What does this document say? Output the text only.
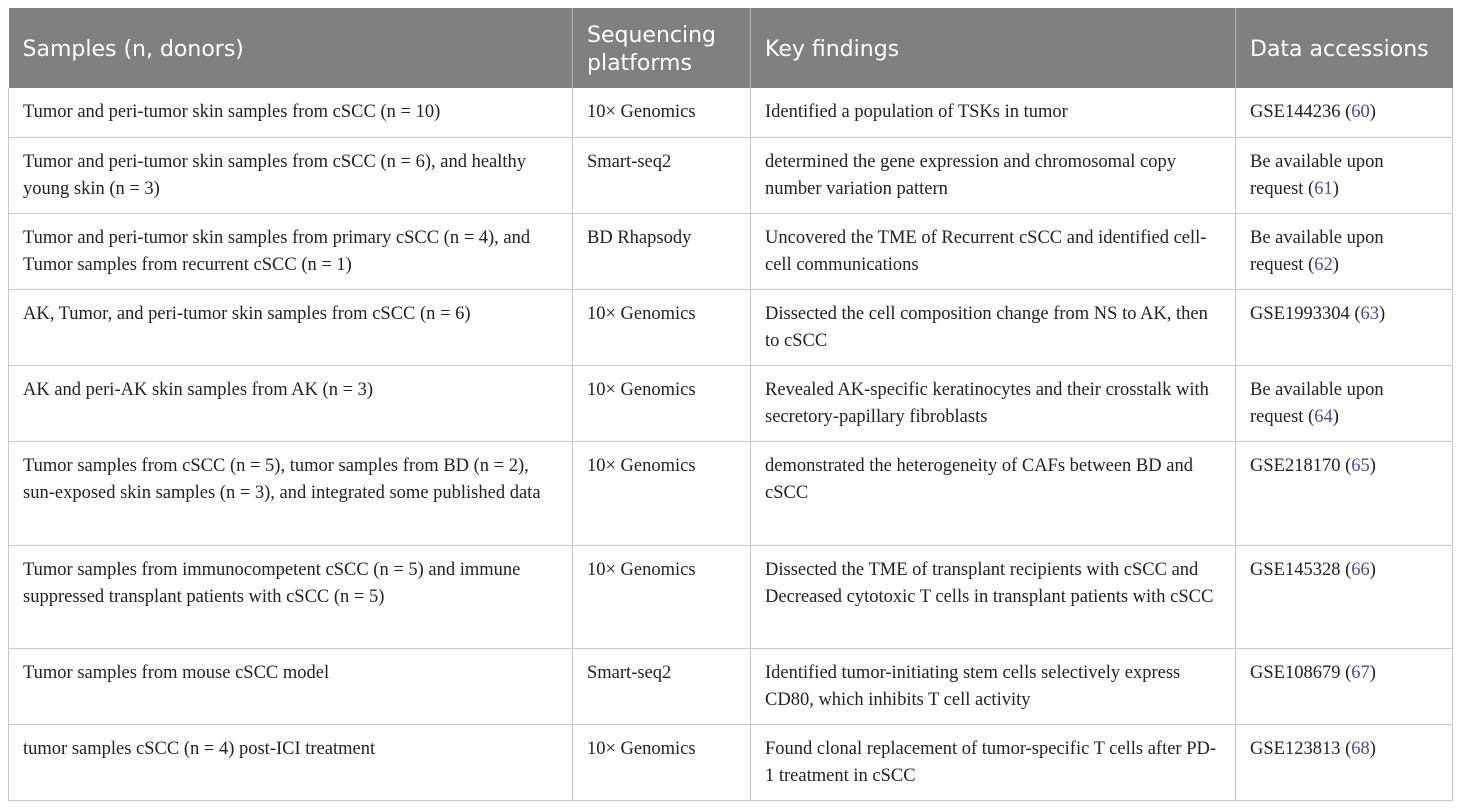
Samples (n, donors)	Sequencing platforms	Key findings	Data accessions
Tumor and peri-tumor skin samples from cSCC (n = 10)	10× Genomics	Identified a population of TSKs in tumor	GSE144236 (60)
Tumor and peri-tumor skin samples from cSCC (n = 6), and healthy young skin (n = 3)	Smart-seq2	determined the gene expression and chromosomal copy number variation pattern	Be available upon request (61)
Tumor and peri-tumor skin samples from primary cSCC (n = 4), and Tumor samples from recurrent cSCC (n = 1)	BD Rhapsody	Uncovered the TME of Recurrent cSCC and identified cell-cell communications	Be available upon request (62)
AK, Tumor, and peri-tumor skin samples from cSCC (n = 6)	10× Genomics	Dissected the cell composition change from NS to AK, then to cSCC	GSE1993304 (63)
AK and peri-AK skin samples from AK (n = 3)	10× Genomics	Revealed AK-specific keratinocytes and their crosstalk with secretory-papillary fibroblasts	Be available upon request (64)
Tumor samples from cSCC (n = 5), tumor samples from BD (n = 2), sun-exposed skin samples (n = 3), and integrated some published data	10× Genomics	demonstrated the heterogeneity of CAFs between BD and cSCC	GSE218170 (65)
Tumor samples from immunocompetent cSCC (n = 5) and immune suppressed transplant patients with cSCC (n = 5)	10× Genomics	Dissected the TME of transplant recipients with cSCC and Decreased cytotoxic T cells in transplant patients with cSCC	GSE145328 (66)
Tumor samples from mouse cSCC model	Smart-seq2	Identified tumor-initiating stem cells selectively express CD80, which inhibits T cell activity	GSE108679 (67)
tumor samples cSCC (n = 4) post-ICI treatment	10× Genomics	Found clonal replacement of tumor-specific T cells after PD-1 treatment in cSCC	GSE123813 (68)
